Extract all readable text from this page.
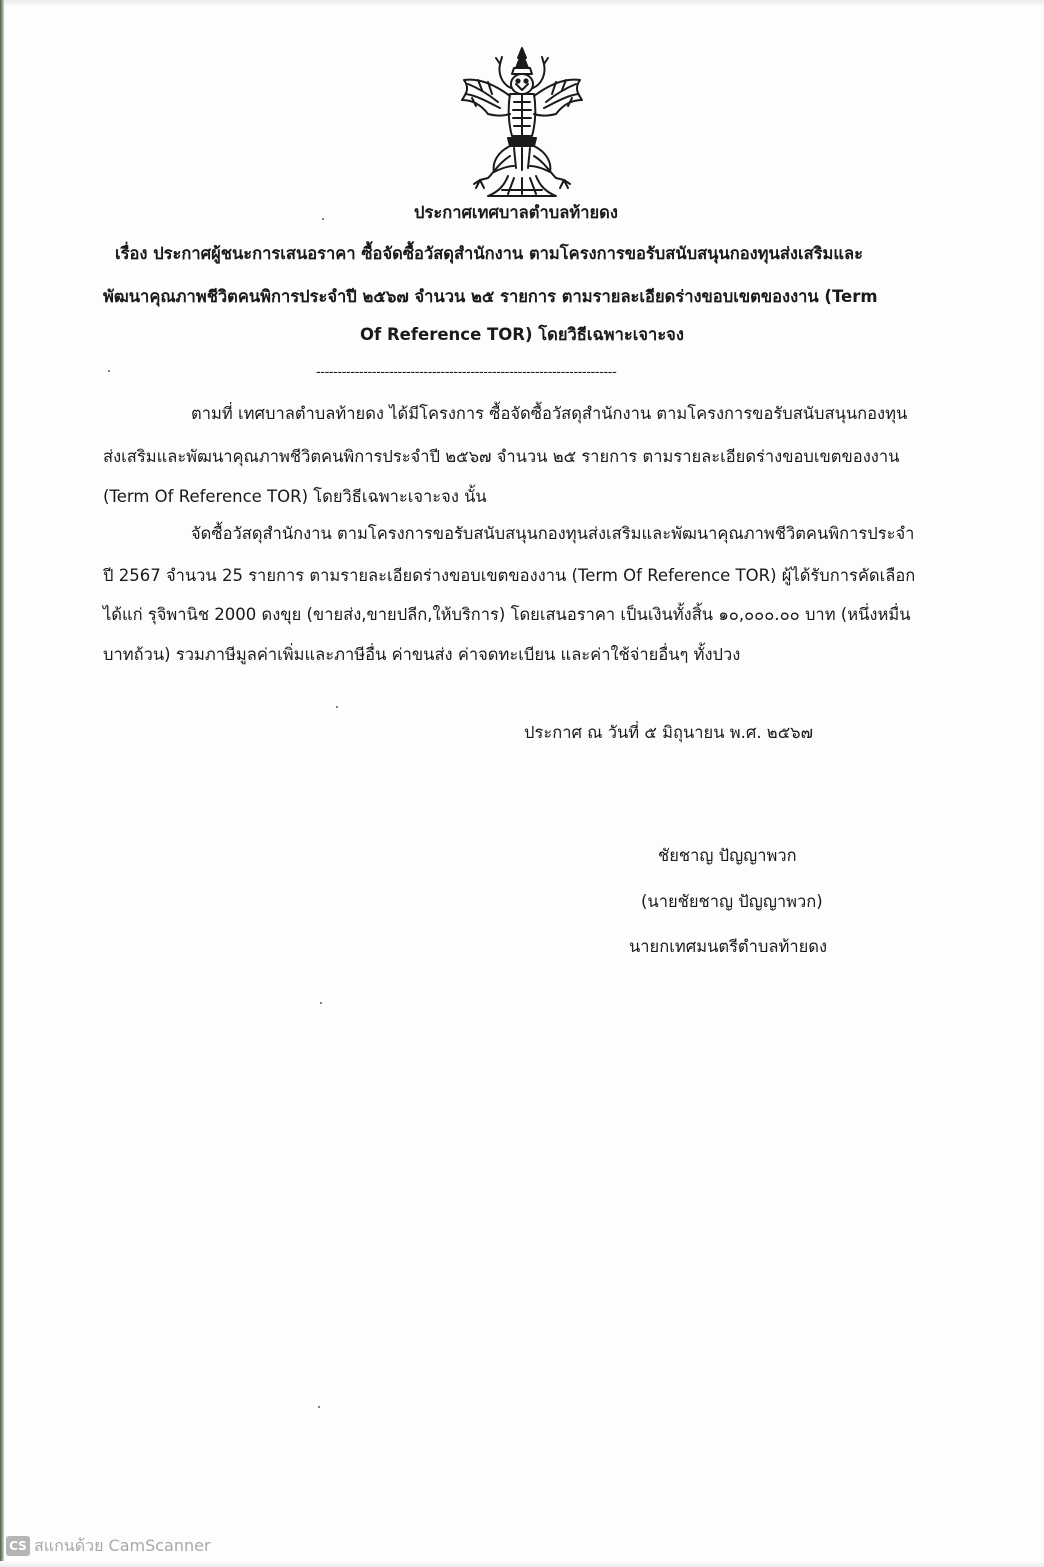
ประกาศเทศบาลตำบลท้ายดง
เรื่อง ประกาศผู้ชนะการเสนอราคา ซื้อจัดซื้อวัสดุสำนักงาน ตามโครงการขอรับสนับสนุนกองทุนส่งเสริมและ
พัฒนาคุณภาพชีวิตคนพิการประจำปี ๒๕๖๗ จำนวน ๒๕ รายการ ตามรายละเอียดร่างขอบเขตของงาน (Term
Of Reference TOR) โดยวิธีเฉพาะเจาะจง
----------------------------------------------------------------------
ตามที่ เทศบาลตำบลท้ายดง ได้มีโครงการ ซื้อจัดซื้อวัสดุสำนักงาน ตามโครงการขอรับสนับสนุนกองทุน
ส่งเสริมและพัฒนาคุณภาพชีวิตคนพิการประจำปี ๒๕๖๗ จำนวน ๒๕ รายการ ตามรายละเอียดร่างขอบเขตของงาน
(Term Of Reference TOR) โดยวิธีเฉพาะเจาะจง นั้น
จัดซื้อวัสดุสำนักงาน ตามโครงการขอรับสนับสนุนกองทุนส่งเสริมและพัฒนาคุณภาพชีวิตคนพิการประจำ
ปี 2567 จำนวน 25 รายการ ตามรายละเอียดร่างขอบเขตของงาน (Term Of Reference TOR) ผู้ได้รับการคัดเลือก
ได้แก่ รุจิพานิช 2000 ดงขุย (ขายส่ง,ขายปลีก,ให้บริการ) โดยเสนอราคา เป็นเงินทั้งสิ้น ๑๐,๐๐๐.๐๐ บาท (หนึ่งหมื่น
บาทถ้วน) รวมภาษีมูลค่าเพิ่มและภาษีอื่น ค่าขนส่ง ค่าจดทะเบียน และค่าใช้จ่ายอื่นๆ ทั้งปวง
ประกาศ ณ วันที่ ๕ มิถุนายน พ.ศ. ๒๕๖๗
ชัยชาญ ปัญญาพวก
(นายชัยชาญ ปัญญาพวก)
นายกเทศมนตรีตำบลท้ายดง
CS สแกนด้วย CamScanner
